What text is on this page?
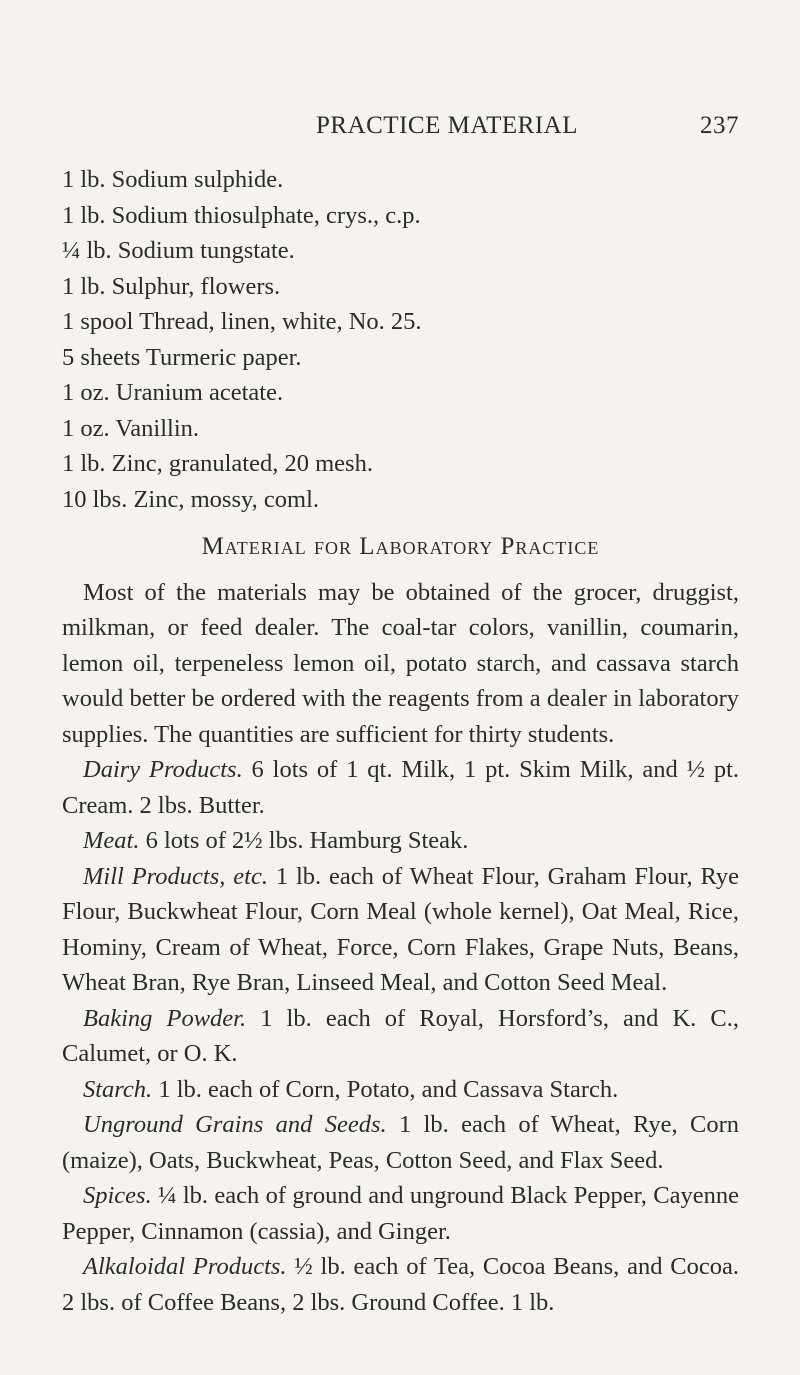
PRACTICE MATERIAL	237

1 lb. Sodium sulphide.

1 lb. Sodium thiosulphate, crys., c.p.

¼ lb. Sodium tungstate.

1 lb. Sulphur, flowers.

1 spool Thread, linen, white, No. 25.

5 sheets Turmeric paper.

1 oz. Uranium acetate.

1 oz. Vanillin.

1 lb. Zinc, granulated, 20 mesh.

10 lbs. Zinc, mossy, coml.

Material for Laboratory Practice

Most of the materials may be obtained of the grocer, druggist, milkman, or feed dealer. The coal-tar colors, vanillin, coumarin, lemon oil, terpeneless lemon oil, potato starch, and cassava starch would better be ordered with the reagents from a dealer in laboratory supplies. The quantities are sufficient for thirty students.

Dairy Products. 6 lots of 1 qt. Milk, 1 pt. Skim Milk, and ½ pt. Cream. 2 lbs. Butter.

Meat. 6 lots of 2½ lbs. Hamburg Steak.

Mill Products, etc. 1 lb. each of Wheat Flour, Graham Flour, Rye Flour, Buckwheat Flour, Corn Meal (whole kernel), Oat Meal, Rice, Hominy, Cream of Wheat, Force, Corn Flakes, Grape Nuts, Beans, Wheat Bran, Rye Bran, Linseed Meal, and Cotton Seed Meal.

Baking Powder. 1 lb. each of Royal, Horsford’s, and K. C., Calumet, or O. K.

Starch. 1 lb. each of Corn, Potato, and Cassava Starch.

Unground Grains and Seeds. 1 lb. each of Wheat, Rye, Corn (maize), Oats, Buckwheat, Peas, Cotton Seed, and Flax Seed.

Spices. ¼ lb. each of ground and unground Black Pepper, Cayenne Pepper, Cinnamon (cassia), and Ginger.

Alkaloidal Products. ½ lb. each of Tea, Cocoa Beans, and Cocoa. 2 lbs. of Coffee Beans, 2 lbs. Ground Coffee. 1 lb.
